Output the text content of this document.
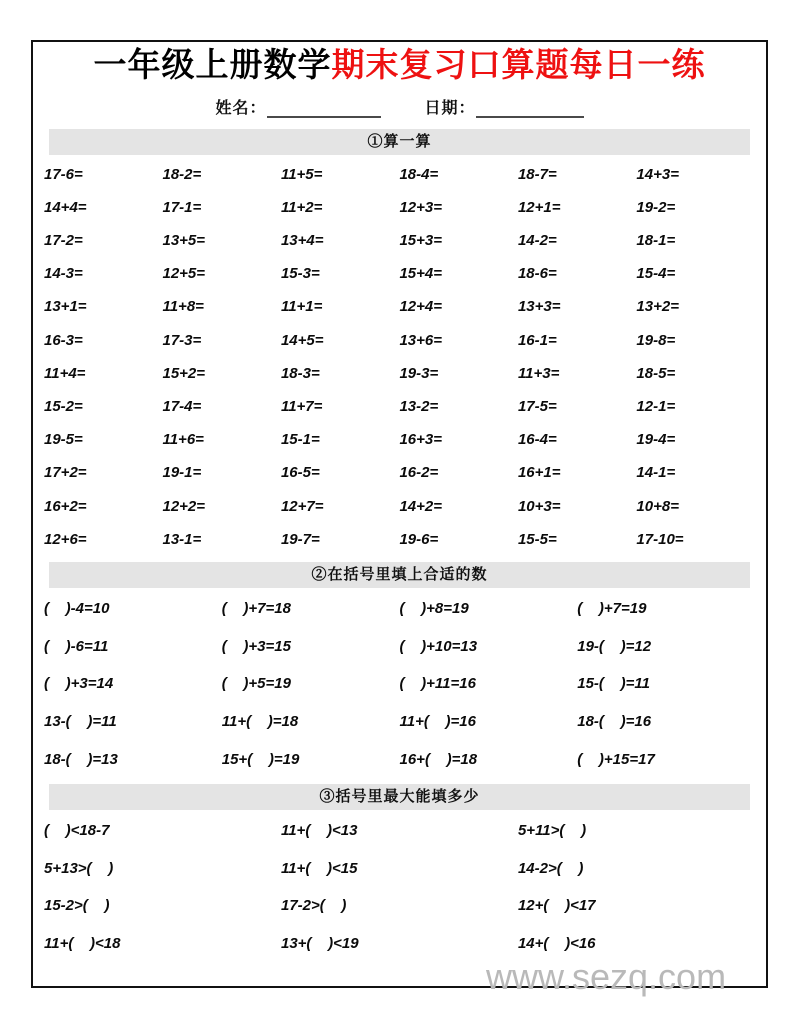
一年级上册数学期末复习口算题每日一练
姓名：	日期：
①算一算
17-6=	18-2=	11+5=	18-4=	18-7=	14+3=
14+4=	17-1=	11+2=	12+3=	12+1=	19-2=
17-2=	13+5=	13+4=	15+3=	14-2=	18-1=
14-3=	12+5=	15-3=	15+4=	18-6=	15-4=
13+1=	11+8=	11+1=	12+4=	13+3=	13+2=
16-3=	17-3=	14+5=	13+6=	16-1=	19-8=
11+4=	15+2=	18-3=	19-3=	11+3=	18-5=
15-2=	17-4=	11+7=	13-2=	17-5=	12-1=
19-5=	11+6=	15-1=	16+3=	16-4=	19-4=
17+2=	19-1=	16-5=	16-2=	16+1=	14-1=
16+2=	12+2=	12+7=	14+2=	10+3=	10+8=
12+6=	13-1=	19-7=	19-6=	15-5=	17-10=
②在括号里填上合适的数
(    )-4=10	(    )+7=18	(    )+8=19	(    )+7=19
(    )-6=11	(    )+3=15	(    )+10=13	19-(    )=12
(    )+3=14	(    )+5=19	(    )+11=16	15-(    )=11
13-(    )=11	11+(    )=18	11+(    )=16	18-(    )=16
18-(    )=13	15+(    )=19	16+(    )=18	(    )+15=17
③括号里最大能填多少
(    )<18-7	11+(    )<13	5+11>(    )
5+13>(    )	11+(    )<15	14-2>(    )
15-2>(    )	17-2>(    )	12+(    )<17
11+(    )<18	13+(    )<19	14+(    )<16
www.sezq.com
